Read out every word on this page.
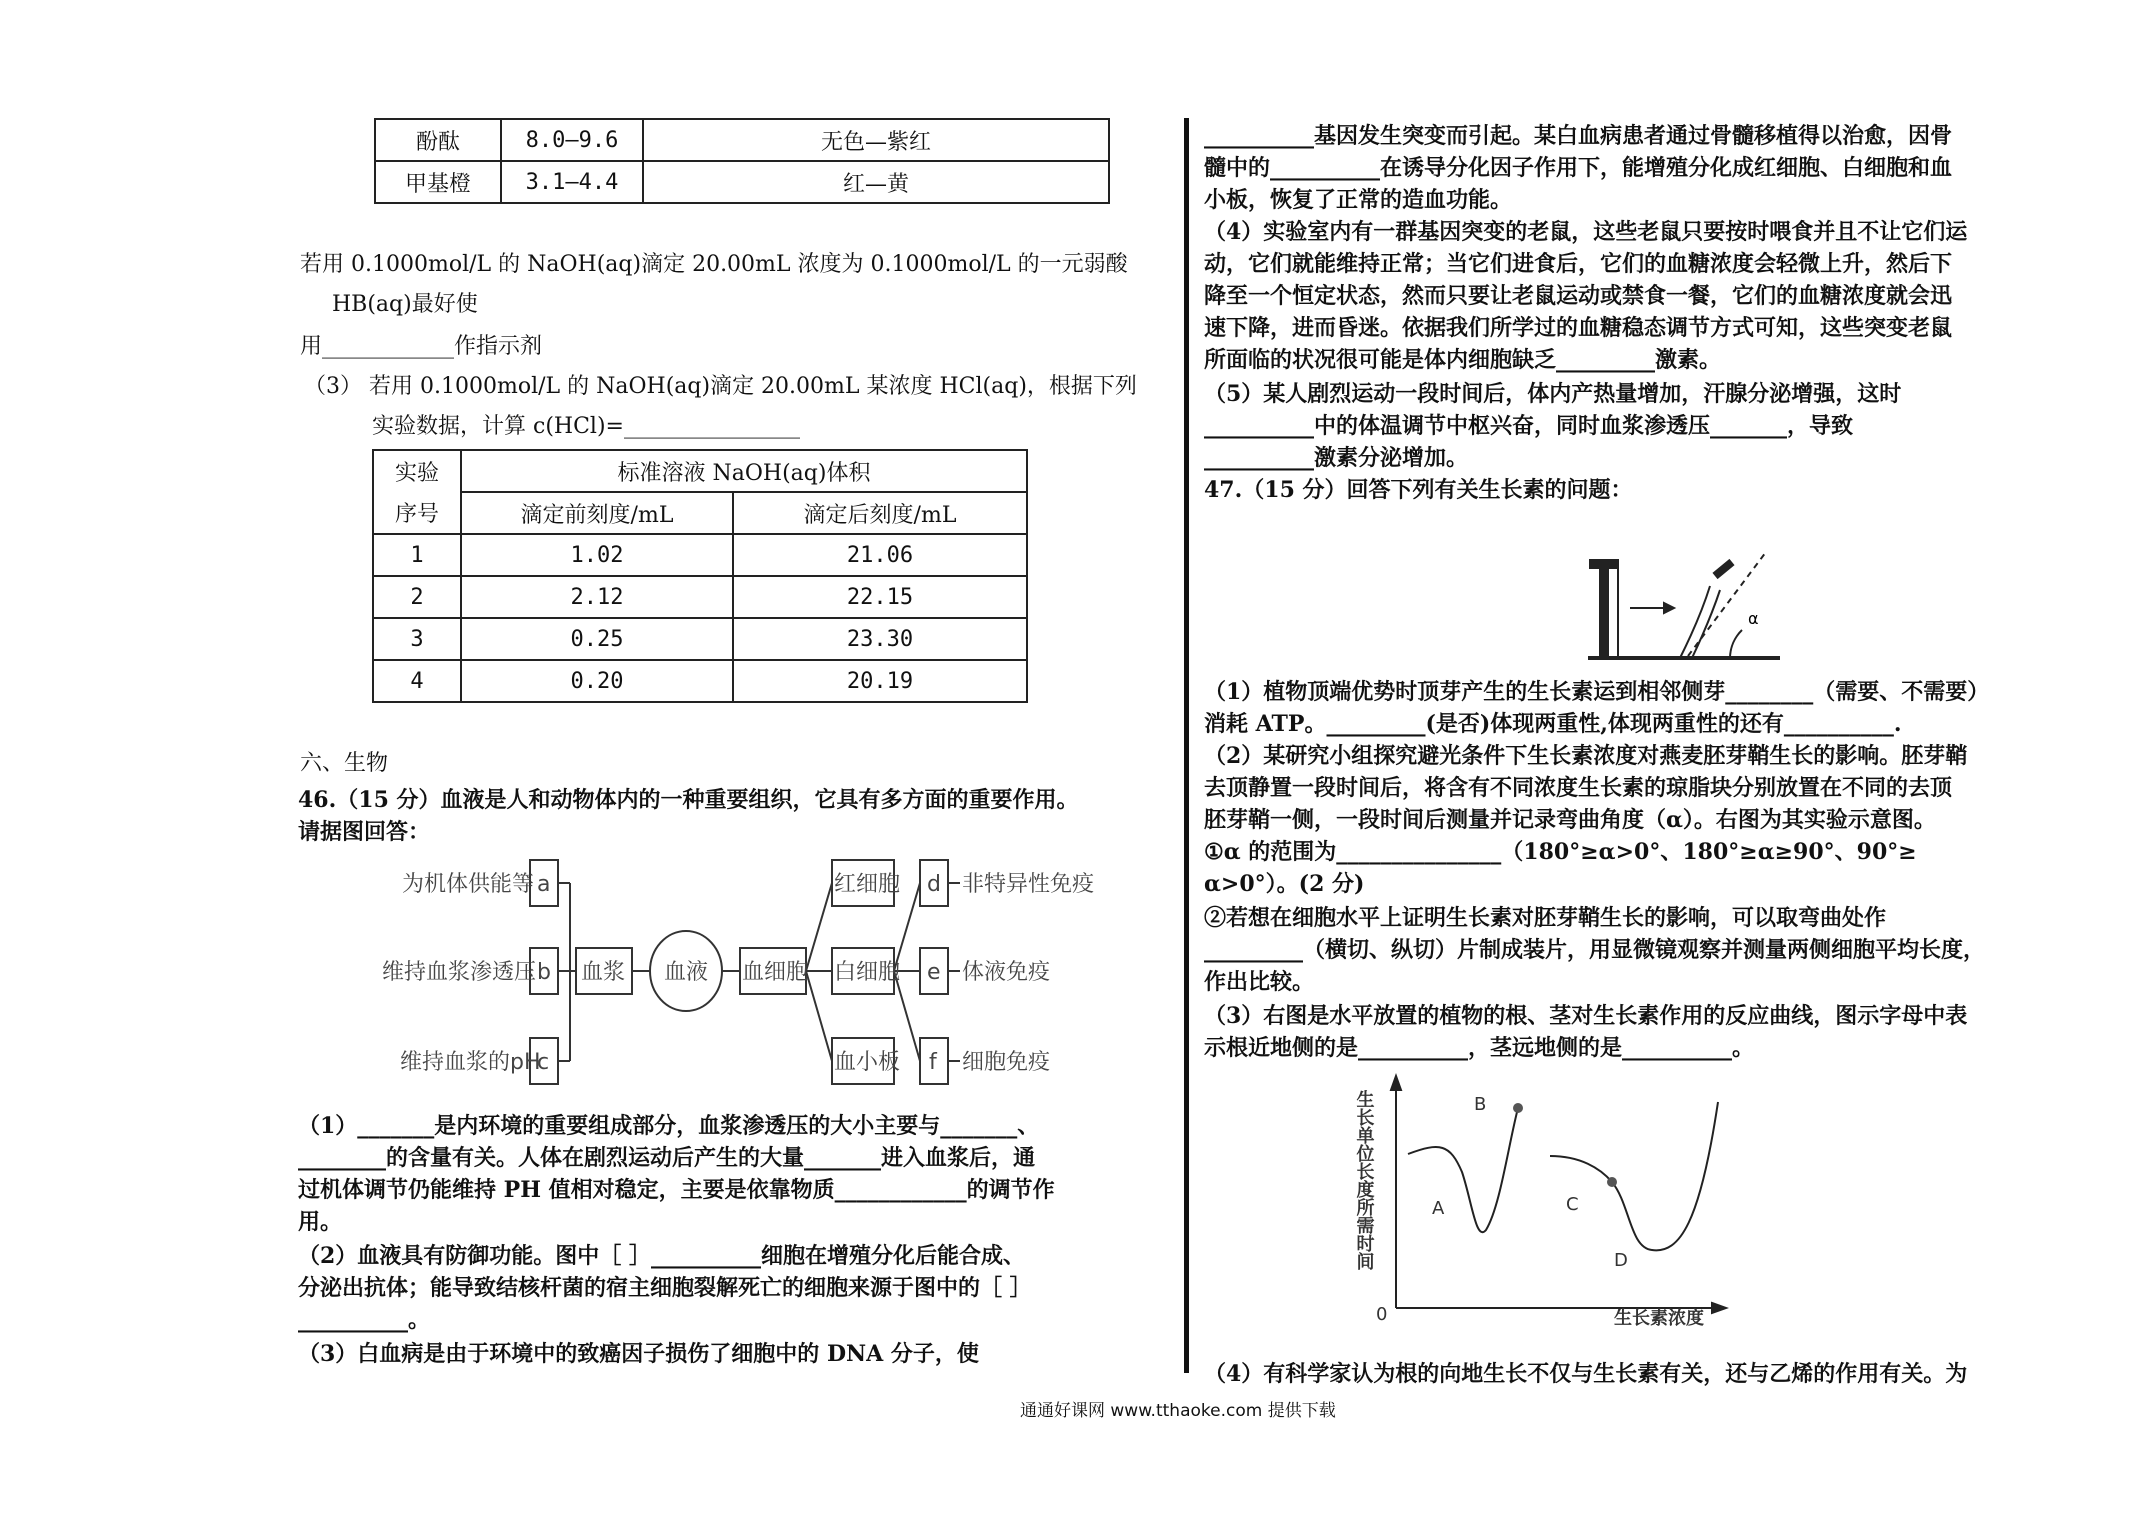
酚酞	8.0—9.6	无色—紫红
甲基橙	3.1—4.4	红—黄
若用 0.1000mol/L 的 NaOH(aq)滴定 20.00mL 浓度为 0.1000mol/L 的一元弱酸
HB(aq)最好使
用____________作指示剂
（3） 若用 0.1000mol/L 的 NaOH(aq)滴定 20.00mL 某浓度 HCl(aq)，根据下列
实验数据，计算 c(HCl)=________________
实验	标准溶液 NaOH(aq)体积	
序号	滴定前刻度/mL	滴定后刻度/mL
1	1.02	21.06
2	2.12	22.15
3	0.25	23.30
4	0.20	20.19
六、生物
46.（15 分）血液是人和动物体内的一种重要组织，它具有多方面的重要作用。
请据图回答：
为机体供能等
维持血浆渗透压
维持血浆的pH
a
b
c
血浆 血液 血细胞
红细胞
白细胞
血小板
d
e
f
非特异性免疫
体液免疫
细胞免疫
（1）_______是内环境的重要组成部分，血浆渗透压的大小主要与_______、
________的含量有关。人体在剧烈运动后产生的大量_______进入血浆后，通
过机体调节仍能维持 PH 值相对稳定，主要是依靠物质____________的调节作
用。
（2）血液具有防御功能。图中［ ］__________细胞在增殖分化后能合成、
分泌出抗体；能导致结核杆菌的宿主细胞裂解死亡的细胞来源于图中的［ ］
__________。
（3）白血病是由于环境中的致癌因子损伤了细胞中的 DNA 分子，使
__________基因发生突变而引起。某白血病患者通过骨髓移植得以治愈，因骨
髓中的__________在诱导分化因子作用下，能增殖分化成红细胞、白细胞和血
小板，恢复了正常的造血功能。
（4）实验室内有一群基因突变的老鼠，这些老鼠只要按时喂食并且不让它们运
动，它们就能维持正常；当它们进食后，它们的血糖浓度会轻微上升，然后下
降至一个恒定状态，然而只要让老鼠运动或禁食一餐，它们的血糖浓度就会迅
速下降，进而昏迷。依据我们所学过的血糖稳态调节方式可知，这些突变老鼠
所面临的状况很可能是体内细胞缺乏_________激素。
（5）某人剧烈运动一段时间后，体内产热量增加，汗腺分泌增强，这时
__________中的体温调节中枢兴奋，同时血浆渗透压_______，导致
__________激素分泌增加。
47.（15 分）回答下列有关生长素的问题：
α
（1）植物顶端优势时顶芽产生的生长素运到相邻侧芽________（需要、不需要）
消耗 ATP。_________(是否)体现两重性,体现两重性的还有__________.
（2）某研究小组探究避光条件下生长素浓度对燕麦胚芽鞘生长的影响。胚芽鞘
去顶静置一段时间后，将含有不同浓度生长素的琼脂块分别放置在不同的去顶
胚芽鞘一侧，一段时间后测量并记录弯曲角度（α）。右图为其实验示意图。
①α 的范围为_______________（180°≥α>0°、180°≥α≥90°、90°≥
α>0°）。(2 分)
②若想在细胞水平上证明生长素对胚芽鞘生长的影响，可以取弯曲处作
_________（横切、纵切）片制成装片，用显微镜观察并测量两侧细胞平均长度，
作出比较。
（3）右图是水平放置的植物的根、茎对生长素作用的反应曲线，图示字母中表
示根近地侧的是__________，茎远地侧的是__________。
A
B
C
D
0
生长单位长度所需时间
生长素浓度
（4）有科学家认为根的向地生长不仅与生长素有关，还与乙烯的作用有关。为
通通好课网 www.tthaoke.com 提供下载
